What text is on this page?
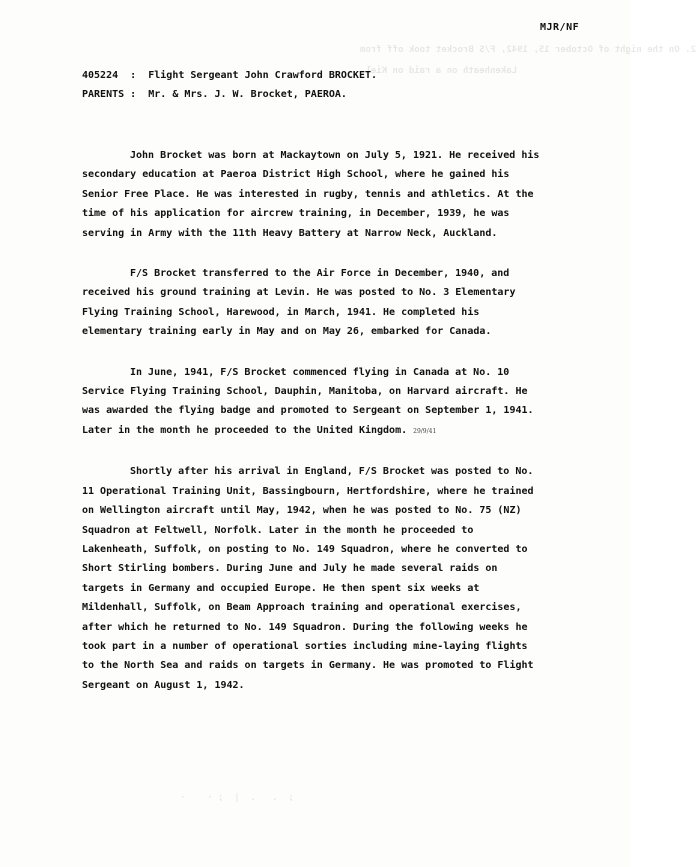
2. On the night of October 15, 1942, F/S Brocket took off from
Lakenheath on a raid on Kiel.
;  .   .  |  ; ·    ·
MJR/NF
405224  :  Flight Sergeant John Crawford BROCKET.
PARENTS :  Mr. & Mrs. J. W. Brocket, PAEROA.

John Brocket was born at Mackaytown on July 5, 1921. He received his secondary education at Paeroa District High School, where he gained his Senior Free Place. He was interested in rugby, tennis and athletics. At the time of his application for aircrew training, in December, 1939, he was serving in Army with the 11th Heavy Battery at Narrow Neck, Auckland.

F/S Brocket transferred to the Air Force in December, 1940, and received his ground training at Levin. He was posted to No. 3 Elementary Flying Training School, Harewood, in March, 1941. He completed his elementary training early in May and on May 26, embarked for Canada.

In June, 1941, F/S Brocket commenced flying in Canada at No. 10 Service Flying Training School, Dauphin, Manitoba, on Harvard aircraft. He was awarded the flying badge and promoted to Sergeant on September 1, 1941. Later in the month he proceeded to the United Kingdom. 29/9/41

Shortly after his arrival in England, F/S Brocket was posted to No. 11 Operational Training Unit, Bassingbourn, Hertfordshire, where he trained on Wellington aircraft until May, 1942, when he was posted to No. 75 (NZ) Squadron at Feltwell, Norfolk. Later in the month he proceeded to Lakenheath, Suffolk, on posting to No. 149 Squadron, where he converted to Short Stirling bombers. During June and July he made several raids on targets in Germany and occupied Europe. He then spent six weeks at Mildenhall, Suffolk, on Beam Approach training and operational exercises, after which he returned to No. 149 Squadron. During the following weeks he took part in a number of operational sorties including mine-laying flights to the North Sea and raids on targets in Germany. He was promoted to Flight Sergeant on August 1, 1942.
